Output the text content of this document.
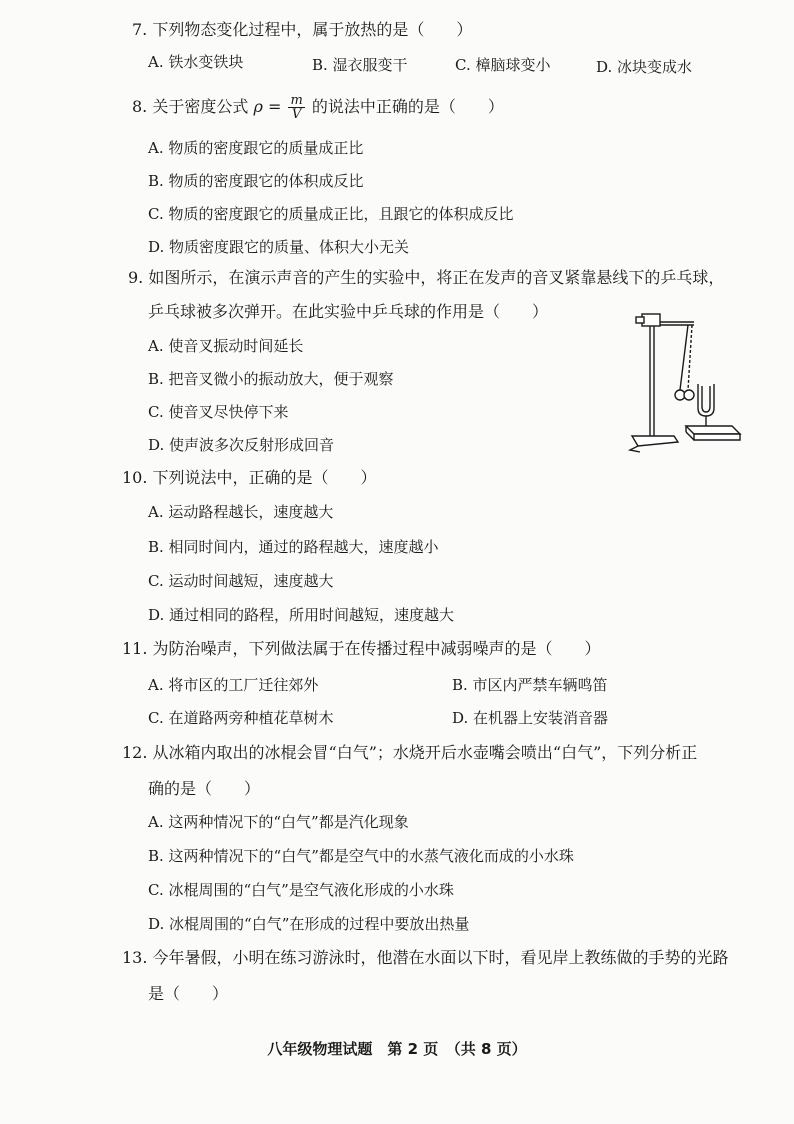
7. 下列物态变化过程中，属于放热的是（　　）
A. 铁水变铁块	B. 湿衣服变干	C. 樟脑球变小	D. 冰块变成水
8. 关于密度公式 $\rho = \frac{m}{V}$ 的说法中正确的是（　　）
A. 物质的密度跟它的质量成正比
B. 物质的密度跟它的体积成反比
C. 物质的密度跟它的质量成正比，且跟它的体积成反比
D. 物质密度跟它的质量、体积大小无关
9. 如图所示，在演示声音的产生的实验中，将正在发声的音叉紧靠悬线下的乒乓球，
乒乓球被多次弹开。在此实验中乒乓球的作用是（　　）
A. 使音叉振动时间延长
B. 把音叉微小的振动放大，便于观察
C. 使音叉尽快停下来
D. 使声波多次反射形成回音
10. 下列说法中，正确的是（　　）
A. 运动路程越长，速度越大
B. 相同时间内，通过的路程越大，速度越小
C. 运动时间越短，速度越大
D. 通过相同的路程，所用时间越短，速度越大
11. 为防治噪声，下列做法属于在传播过程中减弱噪声的是（　　）
A. 将市区的工厂迁往郊外	B. 市区内严禁车辆鸣笛
C. 在道路两旁种植花草树木	D. 在机器上安装消音器
12. 从冰箱内取出的冰棍会冒“白气”；水烧开后水壶嘴会喷出“白气”，下列分析正
确的是（　　）
A. 这两种情况下的“白气”都是汽化现象
B. 这两种情况下的“白气”都是空气中的水蒸气液化而成的小水珠
C. 冰棍周围的“白气”是空气液化形成的小水珠
D. 冰棍周围的“白气”在形成的过程中要放出热量
13. 今年暑假，小明在练习游泳时，他潜在水面以下时，看见岸上教练做的手势的光路
是（　　）
八年级物理试题　第 2 页　（共 8 页）
